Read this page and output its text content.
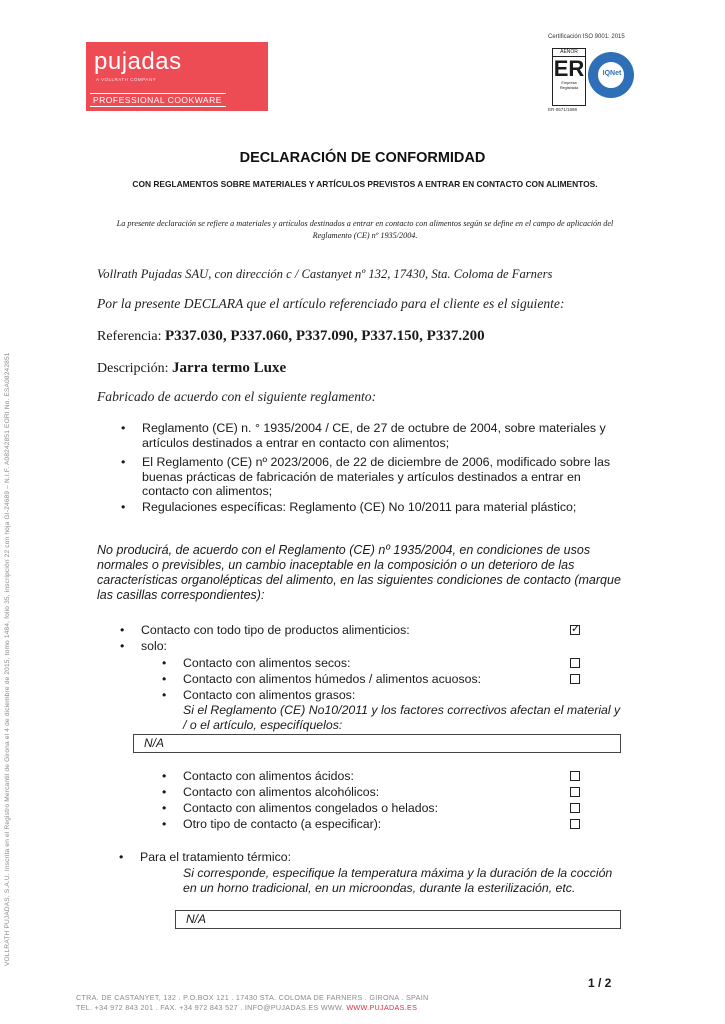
pujadas
A VOLLRATH COMPANY
PROFESSIONAL COOKWARE
Certificación ISO 9001: 2015
AENOR
ER
Empresa Registrada
ER-0671/1998
IQNet
VOLLRATH PUJADAS, S.A.U. Inscrita en el Registro Mercantil de Girona el 4 de diciembre de 2015, tomo 1484, folio 35, inscripción 22 con hoja GI-24689 – N.I.F. A08242851 EORI No. ESA08242851
DECLARACIÓN DE CONFORMIDAD
CON REGLAMENTOS SOBRE MATERIALES Y ARTÍCULOS PREVISTOS A ENTRAR EN CONTACTO CON ALIMENTOS.
La presente declaración se refiere a materiales y artículos destinados a entrar en contacto con alimentos según se define en el campo de aplicación del Reglamento (CE) nº 1935/2004.
Vollrath Pujadas SAU, con dirección c / Castanyet nº 132, 17430, Sta. Coloma de Farners
Por la presente DECLARA que el artículo referenciado para el cliente es el siguiente:
Referencia: P337.030, P337.060, P337.090, P337.150, P337.200
Descripción: Jarra termo Luxe
Fabricado de acuerdo con el siguiente reglamento:
• Reglamento (CE) n. ° 1935/2004 / CE, de 27 de octubre de 2004, sobre materiales y artículos destinados a entrar en contacto con alimentos;
• El Reglamento (CE) nº 2023/2006, de 22 de diciembre de 2006, modificado sobre las buenas prácticas de fabricación de materiales y artículos destinados a entrar en contacto con alimentos;
• Regulaciones específicas: Reglamento (CE) No 10/2011 para material plástico;
No producirá, de acuerdo con el Reglamento (CE) nº 1935/2004, en condiciones de usos normales o previsibles, un cambio inaceptable en la composición o un deterioro de las características organolépticas del alimento, en las siguientes condiciones de contacto (marque las casillas correspondientes):
• Contacto con todo tipo de productos alimenticios:
✓
• solo:
• Contacto con alimentos secos:
• Contacto con alimentos húmedos / alimentos acuosos:
• Contacto con alimentos grasos:
Si el Reglamento (CE) No10/2011 y los factores correctivos afectan el material y / o el artículo, especifíquelos:
N/A
• Contacto con alimentos ácidos:
• Contacto con alimentos alcohólicos:
• Contacto con alimentos congelados o helados:
• Otro tipo de contacto (a especificar):
• Para el tratamiento térmico:
Si corresponde, especifique la temperatura máxima y la duración de la cocción en un horno tradicional, en un microondas, durante la esterilización, etc.
N/A
1 / 2
CTRA. DE CASTANYET, 132 . P.O.BOX 121 . 17430 STA. COLOMA DE FARNERS . GIRONA . SPAIN
TEL. +34 972 843 201 . FAX. +34 972 843 527 . INFO@PUJADAS.ES WWW. WWW.PUJADAS.ES
